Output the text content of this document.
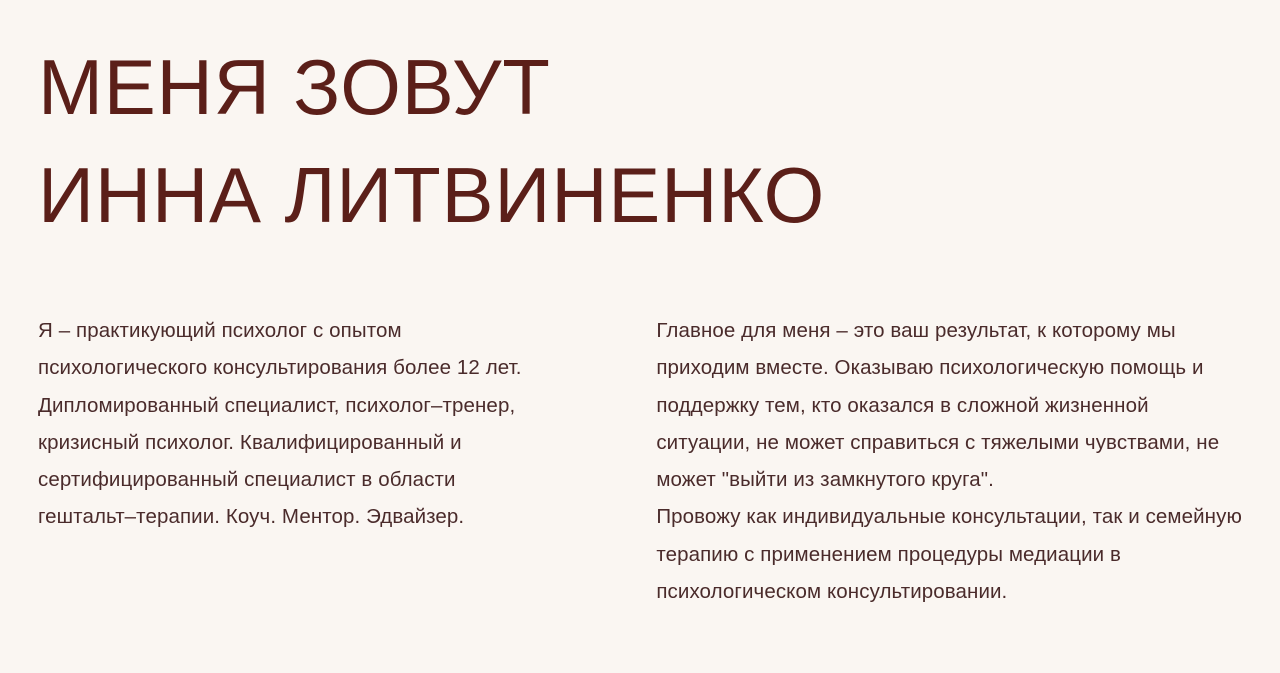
МЕНЯ ЗОВУТ
ИННА ЛИТВИНЕНКО

Я – практикующий психолог с опытом психологического консультирования более 12 лет. Дипломированный специалист, психолог–тренер, кризисный психолог. Квалифицированный и сертифицированный специалист в области гештальт–терапии. Коуч. Ментор. Эдвайзер.

Главное для меня – это ваш результат, к которому мы приходим вместе. Оказываю психологическую помощь и поддержку тем, кто оказался в сложной жизненной ситуации, не может справиться с тяжелыми чувствами, не может "выйти из замкнутого круга".

Провожу как индивидуальные консультации, так и семейную терапию с применением процедуры медиации в психологическом консультировании.
